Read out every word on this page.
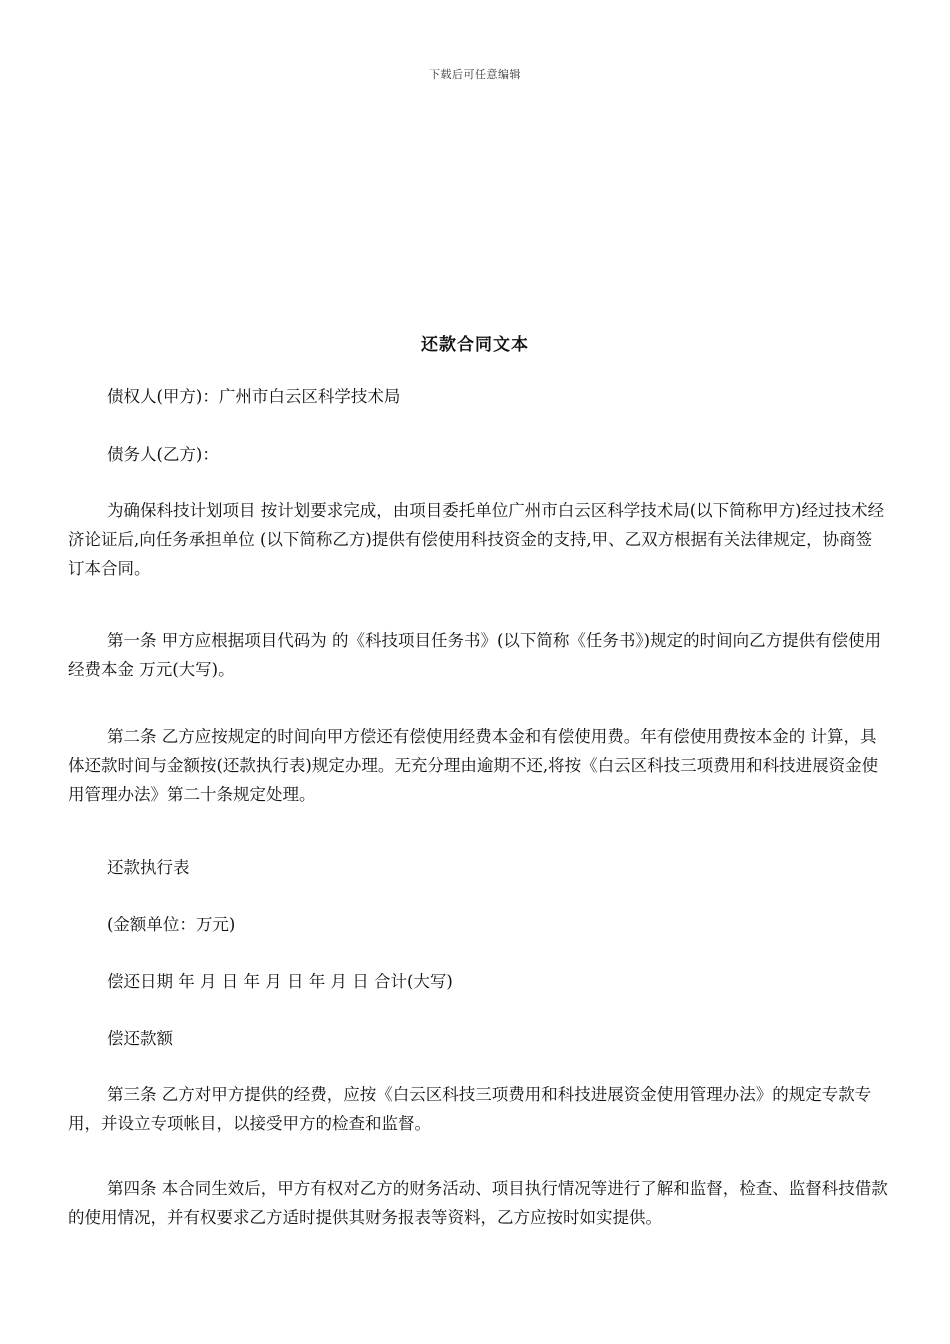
下载后可任意编辑
还款合同文本
债权人(甲方)：广州市白云区科学技术局
债务人(乙方)：
为确保科技计划项目 按计划要求完成，由项目委托单位广州市白云区科学技术局(以下简称甲方)经过技术经济论证后,向任务承担单位 (以下简称乙方)提供有偿使用科技资金的支持,甲、乙双方根据有关法律规定，协商签订本合同。
第一条 甲方应根据项目代码为 的《科技项目任务书》(以下简称《任务书》)规定的时间向乙方提供有偿使用经费本金 万元(大写)。
第二条 乙方应按规定的时间向甲方偿还有偿使用经费本金和有偿使用费。年有偿使用费按本金的 计算，具体还款时间与金额按(还款执行表)规定办理。无充分理由逾期不还,将按《白云区科技三项费用和科技进展资金使用管理办法》第二十条规定处理。
还款执行表
(金额单位：万元)
偿还日期 年 月 日 年 月 日 年 月 日 合计(大写)
偿还款额
第三条 乙方对甲方提供的经费，应按《白云区科技三项费用和科技进展资金使用管理办法》的规定专款专用，并设立专项帐目，以接受甲方的检查和监督。
第四条 本合同生效后，甲方有权对乙方的财务活动、项目执行情况等进行了解和监督，检查、监督科技借款的使用情况，并有权要求乙方适时提供其财务报表等资料，乙方应按时如实提供。
